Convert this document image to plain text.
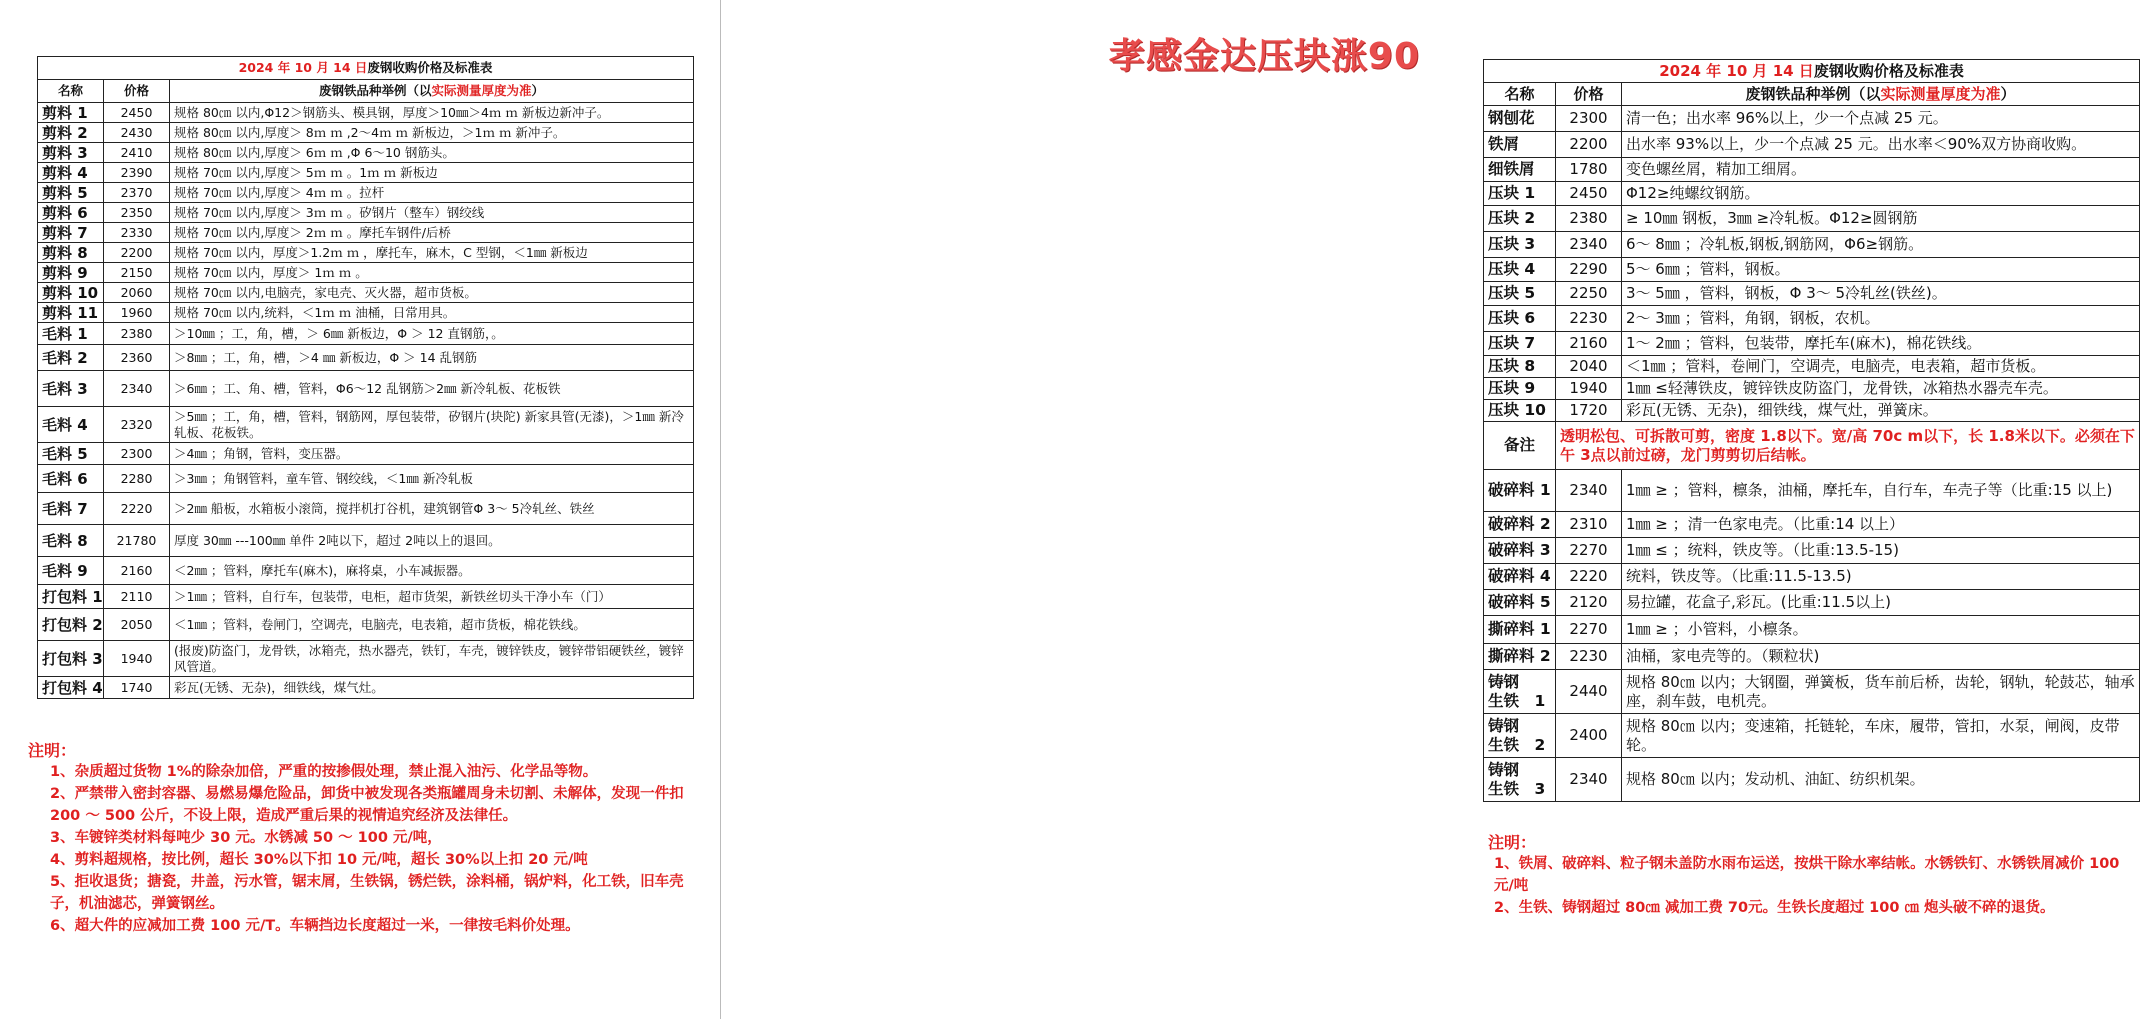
2024 年 10 月 14 日废钢收购价格及标准表		
名称	价格	废钢铁品种举例（以实际测量厚度为准）
剪料 1	2450	规格 80㎝ 以内,Φ12＞钢筋头、模具钢，厚度＞10㎜＞4ｍ ｍ 新板边新冲子。
剪料 2	2430	规格 80㎝ 以内,厚度＞ 8ｍ ｍ ,2～4ｍ ｍ 新板边，＞1ｍ ｍ 新冲子。
剪料 3	2410	规格 80㎝ 以内,厚度＞ 6ｍ ｍ ,Φ 6～10 钢筋头。
剪料 4	2390	规格 70㎝ 以内,厚度＞ 5ｍ ｍ 。1ｍ ｍ 新板边
剪料 5	2370	规格 70㎝ 以内,厚度＞ 4ｍ ｍ 。拉杆
剪料 6	2350	规格 70㎝ 以内,厚度＞ 3ｍ ｍ 。矽钢片（整车）钢绞线
剪料 7	2330	规格 70㎝ 以内,厚度＞ 2ｍ ｍ 。摩托车钢件/后桥
剪料 8	2200	规格 70㎝ 以内，厚度＞1.2ｍ ｍ ，摩托车，麻木，C 型钢，＜1㎜ 新板边
剪料 9	2150	规格 70㎝ 以内，厚度＞ 1ｍ ｍ 。
剪料 10	2060	规格 70㎝ 以内,电脑壳，家电壳、灭火器，超市货板。
剪料 11	1960	规格 70㎝ 以内,统料，＜1ｍ ｍ 油桶，日常用具。
毛料 1	2380	＞10㎜ ；工，角，槽，＞ 6㎜ 新板边，Φ ＞ 12 直钢筋，。
毛料 2	2360	＞8㎜ ；工，角，槽，＞4 ㎜ 新板边，Φ ＞ 14 乱钢筋
毛料 3	2340	＞6㎜ ；工、角、槽，管料，Φ6～12 乱钢筋＞2㎜ 新冷轧板、花板铁
毛料 4	2320	＞5㎜ ；工，角，槽，管料，钢筋网，厚包装带，矽钢片(块陀) 新家具管(无漆)，＞1㎜ 新冷轧板、花板铁。
毛料 5	2300	＞4㎜ ；角钢，管料，变压器。
毛料 6	2280	＞3㎜ ；角钢管料，童车管、钢绞线，＜1㎜ 新冷轧板
毛料 7	2220	＞2㎜ 船板，水箱板小滚筒，搅拌机打谷机，建筑钢管Φ 3～ 5冷轧丝、铁丝
毛料 8	21780	厚度 30㎜ ---100㎜ 单件 2吨以下，超过 2吨以上的退回。
毛料 9	2160	＜2㎜ ；管料，摩托车(麻木)，麻将桌，小车减振器。
打包料 1	2110	＞1㎜ ；管料，自行车，包装带，电柜，超市货架，新铁丝切头干净小车（门）
打包料 2	2050	＜1㎜ ；管料，卷闸门，空调壳，电脑壳，电表箱，超市货板，棉花铁线。
打包料 3	1940	(报废)防盗门，龙骨铁，冰箱壳，热水器壳，铁钉，车壳，镀锌铁皮，镀锌带铝硬铁丝，镀锌风管道。
打包料 4	1740	彩瓦(无锈、无杂)，细铁线，煤气灶。
注明：
1、杂质超过货物 1%的除杂加倍，严重的按掺假处理，禁止混入油污、化学品等物。
2、严禁带入密封容器、易燃易爆危险品，卸货中被发现各类瓶罐周身未切割、未解体，发现一件扣 200 ～ 500 公斤，不设上限，造成严重后果的视情追究经济及法律任。
3、车镀锌类材料每吨少 30 元。水锈减 50 ～ 100 元/吨，
4、剪料超规格，按比例，超长 30%以下扣 10 元/吨，超长 30%以上扣 20 元/吨
5、拒收退货；搪瓷，井盖，污水管，锯末屑，生铁锅，锈烂铁，涂料桶，锅炉料，化工铁，旧车壳子，机油滤芯，弹簧钢丝。
6、超大件的应减加工费 100 元/T。车辆挡边长度超过一米，一律按毛料价处理。
孝感金达压块涨90	2024 年 10 月 14 日废钢收购价格及标准表		
名称	价格	废钢铁品种举例（以实际测量厚度为准）
钢刨花	2300	清一色；出水率 96%以上，少一个点减 25 元。
铁屑	2200	出水率 93%以上，少一个点减 25 元。出水率＜90%双方协商收购。
细铁屑	1780	变色螺丝屑，精加工细屑。
压块 1	2450	Φ12≥纯螺纹钢筋。
压块 2	2380	≥ 10㎜ 钢板，3㎜ ≥冷轧板。Φ12≥圆钢筋
压块 3	2340	6～ 8㎜ ；冷轧板,钢板,钢筋网，Φ6≥钢筋。
压块 4	2290	5～ 6㎜ ；管料，钢板。
压块 5	2250	3～ 5㎜ ，管料，钢板，Φ 3～ 5冷轧丝(铁丝)。
压块 6	2230	2～ 3㎜ ；管料，角钢，钢板，农机。
压块 7	2160	1～ 2㎜ ；管料，包装带，摩托车(麻木)，棉花铁线。
压块 8	2040	＜1㎜ ；管料，卷闸门，空调壳，电脑壳，电表箱，超市货板。
压块 9	1940	1㎜ ≤轻薄铁皮，镀锌铁皮防盗门，龙骨铁，冰箱热水器壳车壳。
压块 10	1720	彩瓦(无锈、无杂)，细铁线，煤气灶，弹簧床。
备注	透明松包、可拆散可剪，密度 1.8以下。宽/高 70c m以下，长 1.8米以下。必须在下午 3点以前过磅，龙门剪剪切后结帐。	
破碎料 1	2340	1㎜ ≥ ；管料，檩条，油桶，摩托车，自行车，车壳子等（比重:15 以上)
破碎料 2	2310	1㎜ ≥ ；清一色家电壳。（比重:14 以上）
破碎料 3	2270	1㎜ ≤ ；统料，铁皮等。（比重:13.5-15)
破碎料 4	2220	统料，铁皮等。（比重:11.5-13.5)
破碎料 5	2120	易拉罐，花盒子,彩瓦。(比重:11.5以上)
撕碎料 1	2270	1㎜ ≥ ；小管料，小檩条。
撕碎料 2	2230	油桶，家电壳等的。（颗粒状)
铸钢
生铁　1	2440	规格 80㎝ 以内；大钢圈，弹簧板，货车前后桥，齿轮，钢轨，轮鼓芯，轴承座，刹车鼓，电机壳。
铸钢
生铁　2	2400	规格 80㎝ 以内；变速箱，托链轮，车床，履带，管扣，水泵，闸阀，皮带轮。
铸钢
生铁　3	2340	规格 80㎝ 以内；发动机、油缸、纺织机架。
注明：
1、铁屑、破碎料、粒子钢未盖防水雨布运送，按烘干除水率结帐。水锈铁钉、水锈铁屑减价 100 元/吨
2、生铁、铸钢超过 80㎝ 减加工费 70元。生铁长度超过 100 ㎝ 炮头破不碎的退货。
